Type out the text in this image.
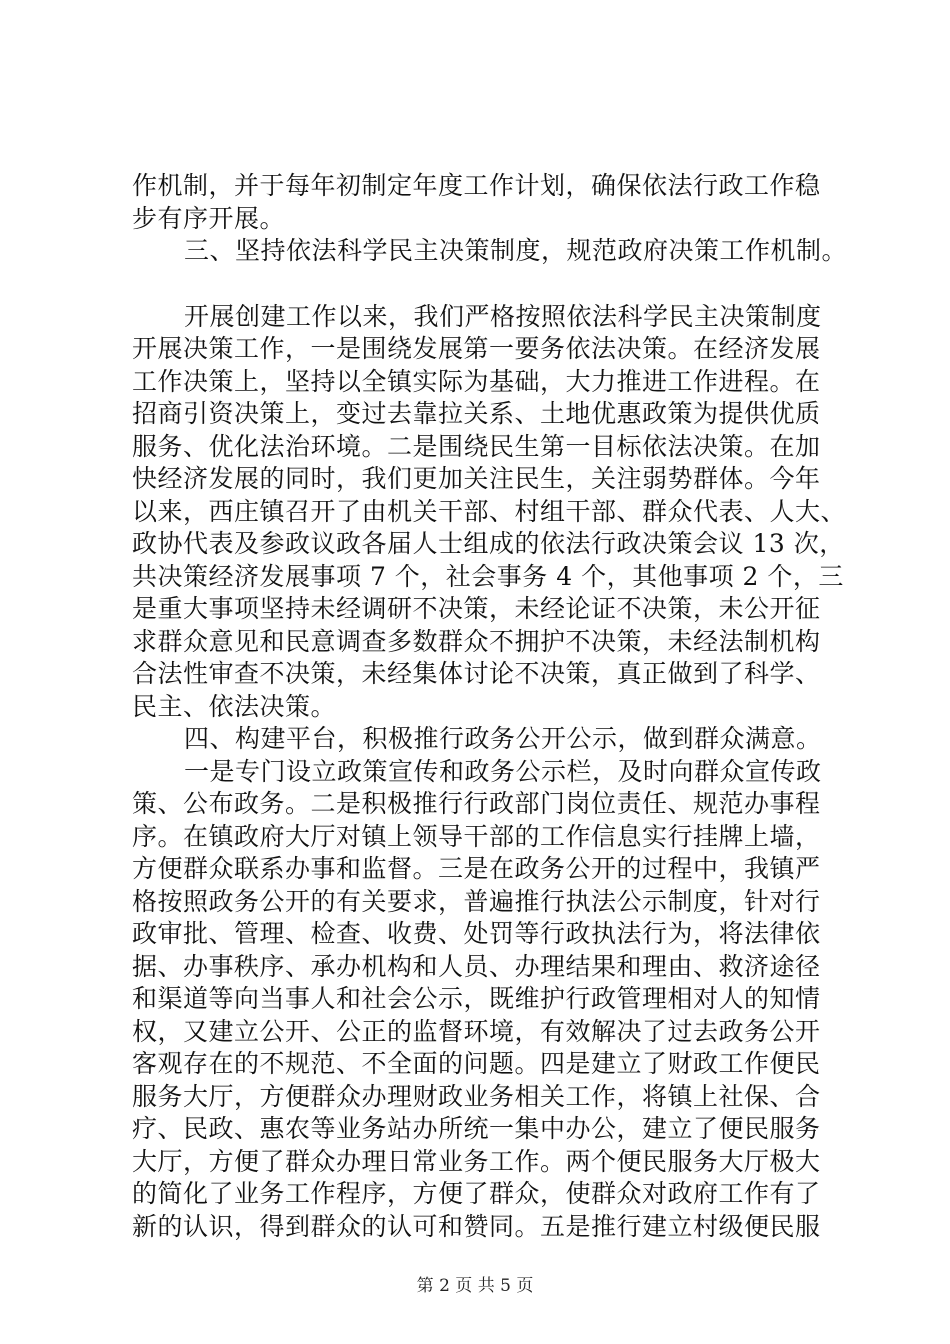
作机制，并于每年初制定年度工作计划，确保依法行政工作稳
步有序开展。
三、坚持依法科学民主决策制度，规范政府决策工作机制。
开展创建工作以来，我们严格按照依法科学民主决策制度
开展决策工作，一是围绕发展第一要务依法决策。在经济发展
工作决策上，坚持以全镇实际为基础，大力推进工作进程。在
招商引资决策上，变过去靠拉关系、土地优惠政策为提供优质
服务、优化法治环境。二是围绕民生第一目标依法决策。在加
快经济发展的同时，我们更加关注民生，关注弱势群体。今年
以来，西庄镇召开了由机关干部、村组干部、群众代表、人大、
政协代表及参政议政各届人士组成的依法行政决策会议 13 次，
共决策经济发展事项 7 个，社会事务 4 个，其他事项 2 个，三
是重大事项坚持未经调研不决策，未经论证不决策，未公开征
求群众意见和民意调查多数群众不拥护不决策，未经法制机构
合法性审查不决策，未经集体讨论不决策，真正做到了科学、
民主、依法决策。
四、构建平台，积极推行政务公开公示，做到群众满意。
一是专门设立政策宣传和政务公示栏，及时向群众宣传政
策、公布政务。二是积极推行行政部门岗位责任、规范办事程
序。在镇政府大厅对镇上领导干部的工作信息实行挂牌上墙，
方便群众联系办事和监督。三是在政务公开的过程中，我镇严
格按照政务公开的有关要求，普遍推行执法公示制度，针对行
政审批、管理、检查、收费、处罚等行政执法行为，将法律依
据、办事秩序、承办机构和人员、办理结果和理由、救济途径
和渠道等向当事人和社会公示，既维护行政管理相对人的知情
权，又建立公开、公正的监督环境，有效解决了过去政务公开
客观存在的不规范、不全面的问题。四是建立了财政工作便民
服务大厅，方便群众办理财政业务相关工作，将镇上社保、合
疗、民政、惠农等业务站办所统一集中办公，建立了便民服务
大厅，方便了群众办理日常业务工作。两个便民服务大厅极大
的简化了业务工作程序，方便了群众，使群众对政府工作有了
新的认识，得到群众的认可和赞同。五是推行建立村级便民服
第 2 页 共 5 页
